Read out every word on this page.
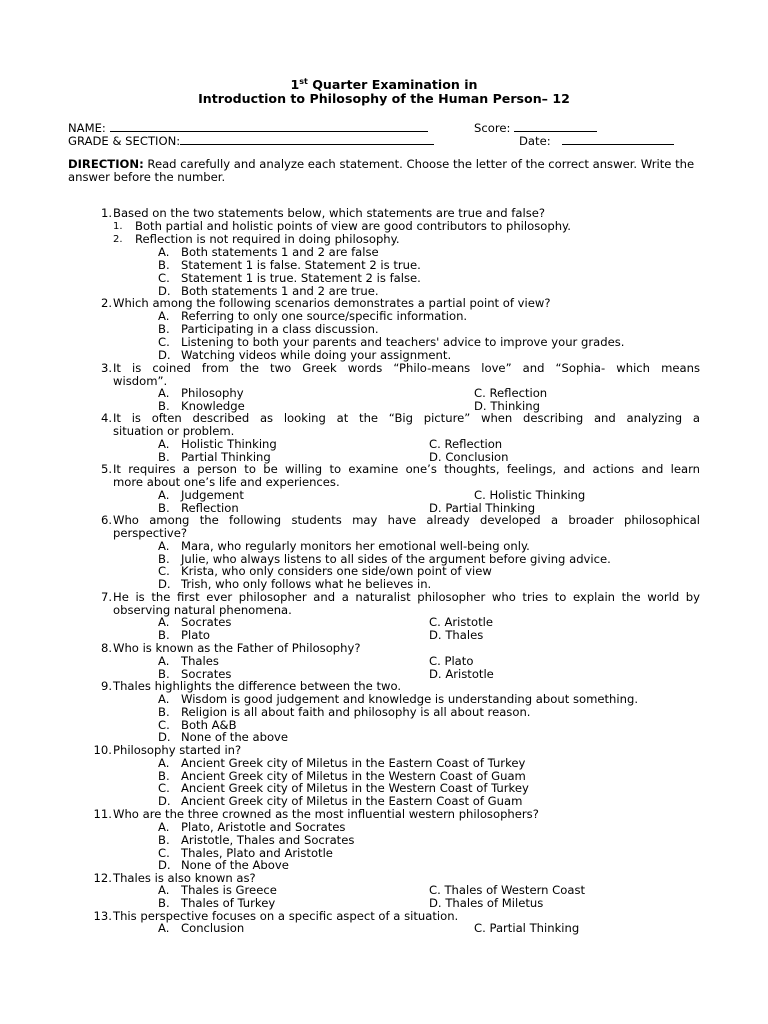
1st Quarter Examination in
Introduction to Philosophy of the Human Person– 12
NAME:	Score:
GRADE & SECTION:	Date:
DIRECTION: Read carefully and analyze each statement. Choose the letter of the correct answer. Write the answer before the number.
1. Based on the two statements below, which statements are true and false?
1. Both partial and holistic points of view are good contributors to philosophy.
2. Reflection is not required in doing philosophy.
A. Both statements 1 and 2 are false
B. Statement 1 is false. Statement 2 is true.
C. Statement 1 is true. Statement 2 is false.
D. Both statements 1 and 2 are true.
2. Which among the following scenarios demonstrates a partial point of view?
A. Referring to only one source/specific information.
B. Participating in a class discussion.
C. Listening to both your parents and teachers' advice to improve your grades.
D. Watching videos while doing your assignment.
3. It is coined from the two Greek words “Philo-means love” and “Sophia- which means
wisdom”.
A. Philosophy	C. Reflection
B. Knowledge	D. Thinking
4. It is often described as looking at the “Big picture” when describing and analyzing a
situation or problem.
A. Holistic Thinking	C. Reflection
B. Partial Thinking	D. Conclusion
5. It requires a person to be willing to examine one’s thoughts, feelings, and actions and learn
more about one’s life and experiences.
A. Judgement	C. Holistic Thinking
B. Reflection	D. Partial Thinking
6. Who among the following students may have already developed a broader philosophical
perspective?
A. Mara, who regularly monitors her emotional well-being only.
B. Julie, who always listens to all sides of the argument before giving advice.
C. Krista, who only considers one side/own point of view
D. Trish, who only follows what he believes in.
7. He is the first ever philosopher and a naturalist philosopher who tries to explain the world by
observing natural phenomena.
A. Socrates	C. Aristotle
B. Plato	D. Thales
8. Who is known as the Father of Philosophy?
A. Thales	C. Plato
B. Socrates	D. Aristotle
9. Thales highlights the difference between the two.
A. Wisdom is good judgement and knowledge is understanding about something.
B. Religion is all about faith and philosophy is all about reason.
C. Both A&B
D. None of the above
10. Philosophy started in?
A. Ancient Greek city of Miletus in the Eastern Coast of Turkey
B. Ancient Greek city of Miletus in the Western Coast of Guam
C. Ancient Greek city of Miletus in the Western Coast of Turkey
D. Ancient Greek city of Miletus in the Eastern Coast of Guam
11. Who are the three crowned as the most influential western philosophers?
A. Plato, Aristotle and Socrates
B. Aristotle, Thales and Socrates
C. Thales, Plato and Aristotle
D. None of the Above
12. Thales is also known as?
A. Thales is Greece	C. Thales of Western Coast
B. Thales of Turkey	D. Thales of Miletus
13. This perspective focuses on a specific aspect of a situation.
A. Conclusion	C. Partial Thinking
